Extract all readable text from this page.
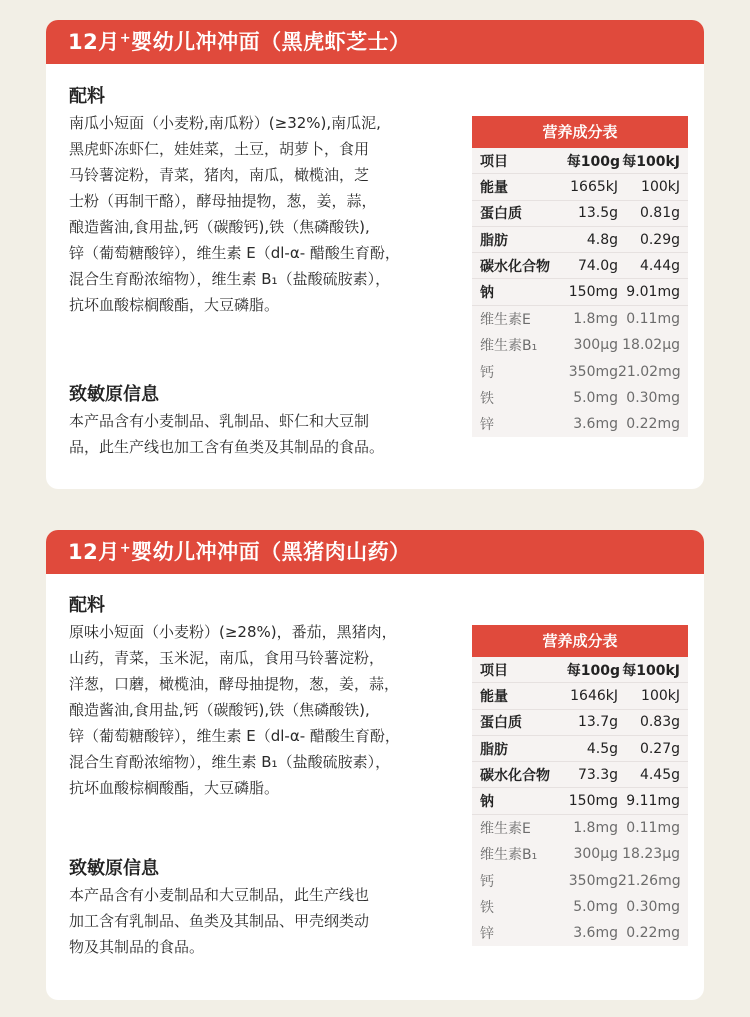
12月+婴幼儿冲冲面（黑虎虾芝士）
配料
南瓜小短面（小麦粉,南瓜粉）(≥32%),南瓜泥,
黑虎虾冻虾仁，娃娃菜，土豆，胡萝卜，食用
马铃薯淀粉，青菜，猪肉，南瓜，橄榄油，芝
士粉（再制干酪），酵母抽提物，葱，姜，蒜，
酿造酱油,食用盐,钙（碳酸钙),铁（焦磷酸铁),
锌（葡萄糖酸锌），维生素 E（dl-α- 醋酸生育酚，
混合生育酚浓缩物），维生素 B₁（盐酸硫胺素），
抗坏血酸棕榈酸酯，大豆磷脂。
致敏原信息
本产品含有小麦制品、乳制品、虾仁和大豆制
品，此生产线也加工含有鱼类及其制品的食品。
营养成分表
项目	每100g 每100kJ
能量	1665kJ	100kJ
蛋白质	13.5g	0.81g
脂肪	4.8g	0.29g
碳水化合物	74.0g	4.44g
钠	150mg 9.01mg
维生素E	1.8mg 0.11mg
维生素B₁	300μg 18.02μg
钙	350mg 21.02mg
铁	5.0mg 0.30mg
锌	3.6mg 0.22mg
12月+婴幼儿冲冲面（黑猪肉山药）
配料
原味小短面（小麦粉）(≥28%)，番茄，黑猪肉，
山药，青菜，玉米泥，南瓜，食用马铃薯淀粉，
洋葱，口蘑，橄榄油，酵母抽提物，葱，姜，蒜，
酿造酱油,食用盐,钙（碳酸钙),铁（焦磷酸铁),
锌（葡萄糖酸锌），维生素 E（dl-α- 醋酸生育酚，
混合生育酚浓缩物），维生素 B₁（盐酸硫胺素），
抗坏血酸棕榈酸酯，大豆磷脂。
致敏原信息
本产品含有小麦制品和大豆制品，此生产线也
加工含有乳制品、鱼类及其制品、甲壳纲类动
物及其制品的食品。
营养成分表
项目	每100g 每100kJ
能量	1646kJ	100kJ
蛋白质	13.7g	0.83g
脂肪	4.5g	0.27g
碳水化合物	73.3g	4.45g
钠	150mg 9.11mg
维生素E	1.8mg 0.11mg
维生素B₁	300μg 18.23μg
钙	350mg 21.26mg
铁	5.0mg 0.30mg
锌	3.6mg 0.22mg
